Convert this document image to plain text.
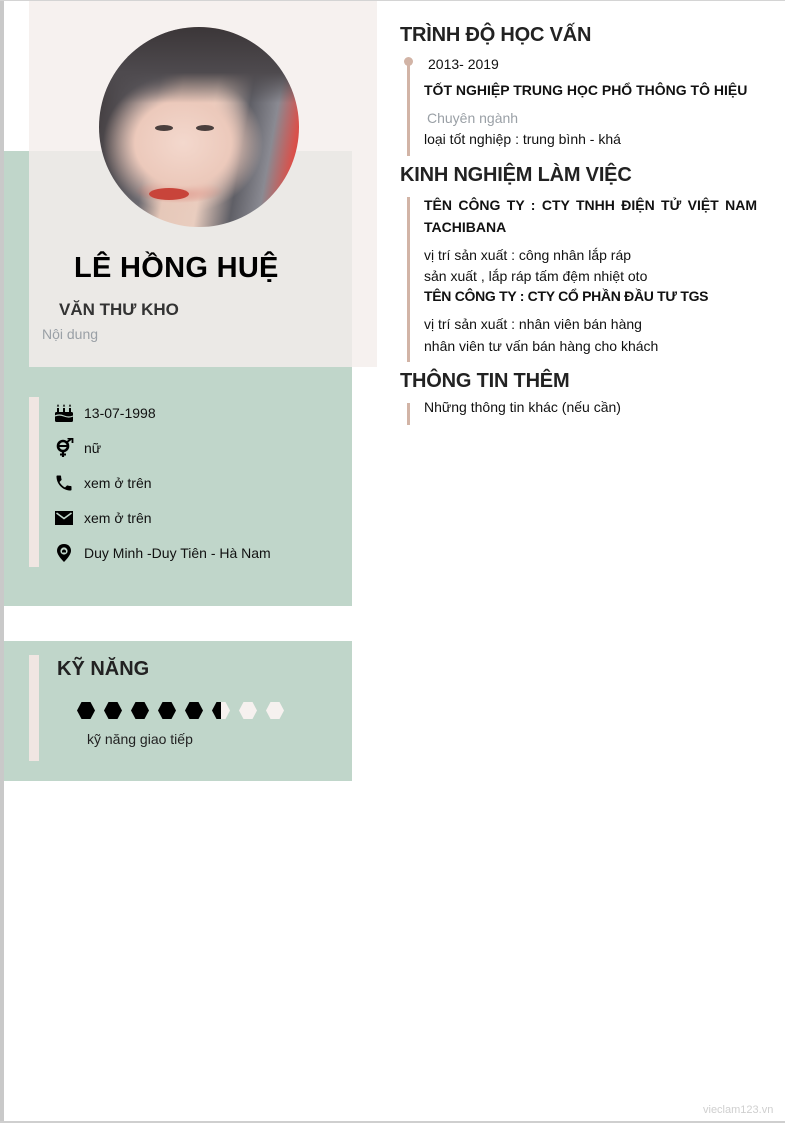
LÊ HỒNG HUỆ
VĂN THƯ KHO
Nội dung
13-07-1998
nữ
xem ở trên
xem ở trên
Duy Minh -Duy Tiên - Hà Nam
KỸ NĂNG
kỹ năng giao tiếp
TRÌNH ĐỘ HỌC VẤN
2013- 2019
TỐT NGHIỆP TRUNG HỌC PHỔ THÔNG TÔ HIỆU
Chuyên ngành
loại tốt nghiệp : trung bình - khá
KINH NGHIỆM LÀM VIỆC
TÊN CÔNG TY : CTY TNHH ĐIỆN TỬ VIỆT NAM TACHIBANA
vị trí sản xuất : công nhân lắp ráp
sản xuất , lắp ráp tấm đệm nhiệt oto
TÊN CÔNG TY : CTY CỔ PHẦN ĐẦU TƯ TGS
vị trí sản xuất : nhân viên bán hàng
nhân viên tư vấn bán hàng cho khách
THÔNG TIN THÊM
Những thông tin khác (nếu cần)
vieclam123.vn
